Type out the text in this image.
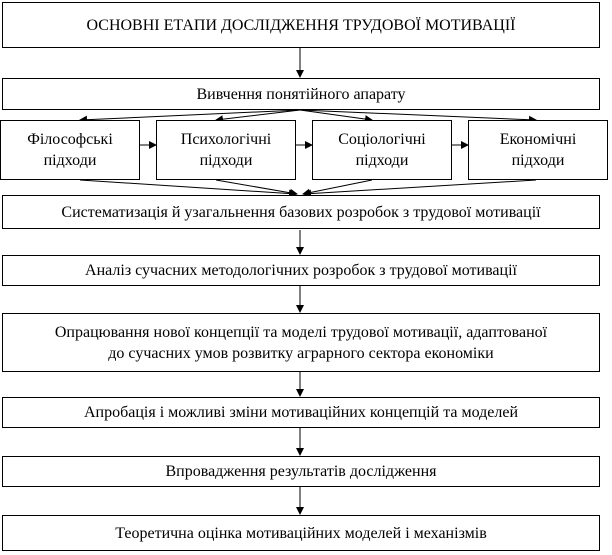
ОСНОВНІ ЕТАПИ ДОСЛІДЖЕННЯ ТРУДОВОЇ МОТИВАЦІЇ
Вивчення понятійного апарату
Філософські
підходи
Психологічні
підходи
Соціологічні
підходи
Економічні
підходи
Систематизація й узагальнення базових розробок з трудової мотивації
Аналіз сучасних методологічних розробок з трудової мотивації
Опрацювання нової концепції та моделі трудової мотивації, адаптованої
до сучасних умов розвитку аграрного сектора економіки
Апробація і можливі зміни мотиваційних концепцій та моделей
Впровадження результатів дослідження
Теоретична оцінка мотиваційних моделей і механізмів
